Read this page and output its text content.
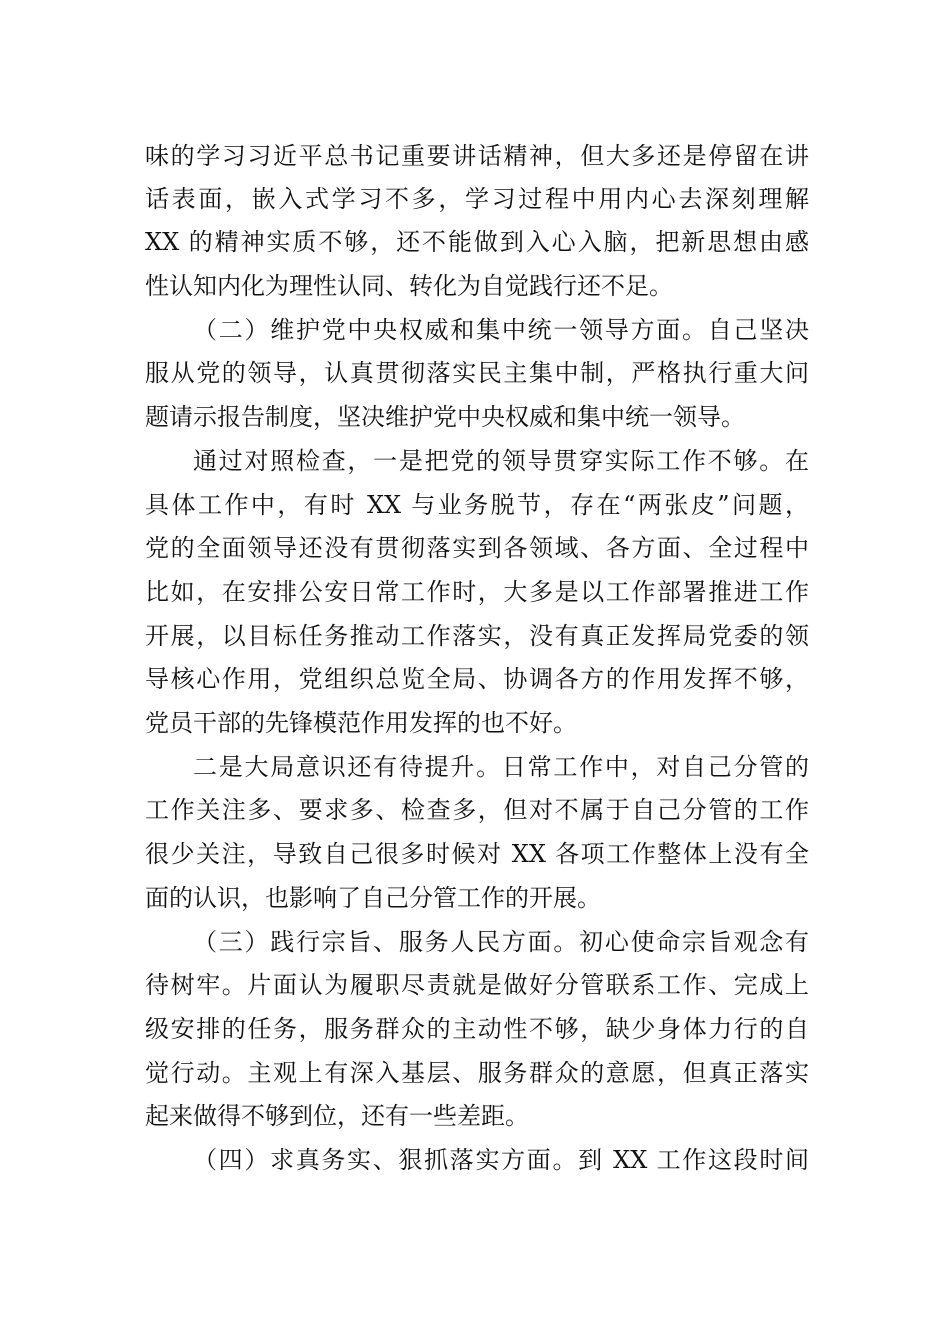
味的学习习近平总书记重要讲话精神，但大多还是停留在讲
话表面，嵌入式学习不多，学习过程中用内心去深刻理解
XX 的精神实质不够，还不能做到入心入脑，把新思想由感
性认知内化为理性认同、转化为自觉践行还不足。
（二）维护党中央权威和集中统一领导方面。自己坚决
服从党的领导，认真贯彻落实民主集中制，严格执行重大问
题请示报告制度，坚决维护党中央权威和集中统一领导。
通过对照检查，一是把党的领导贯穿实际工作不够。在
具体工作中，有时 XX 与业务脱节，存在“两张皮”问题，
党的全面领导还没有贯彻落实到各领域、各方面、全过程中
比如，在安排公安日常工作时，大多是以工作部署推进工作
开展，以目标任务推动工作落实，没有真正发挥局党委的领
导核心作用，党组织总览全局、协调各方的作用发挥不够，
党员干部的先锋模范作用发挥的也不好。
二是大局意识还有待提升。日常工作中，对自己分管的
工作关注多、要求多、检查多，但对不属于自己分管的工作
很少关注，导致自己很多时候对 XX 各项工作整体上没有全
面的认识，也影响了自己分管工作的开展。
（三）践行宗旨、服务人民方面。初心使命宗旨观念有
待树牢。片面认为履职尽责就是做好分管联系工作、完成上
级安排的任务，服务群众的主动性不够，缺少身体力行的自
觉行动。主观上有深入基层、服务群众的意愿，但真正落实
起来做得不够到位，还有一些差距。
（四）求真务实、狠抓落实方面。到 XX 工作这段时间
